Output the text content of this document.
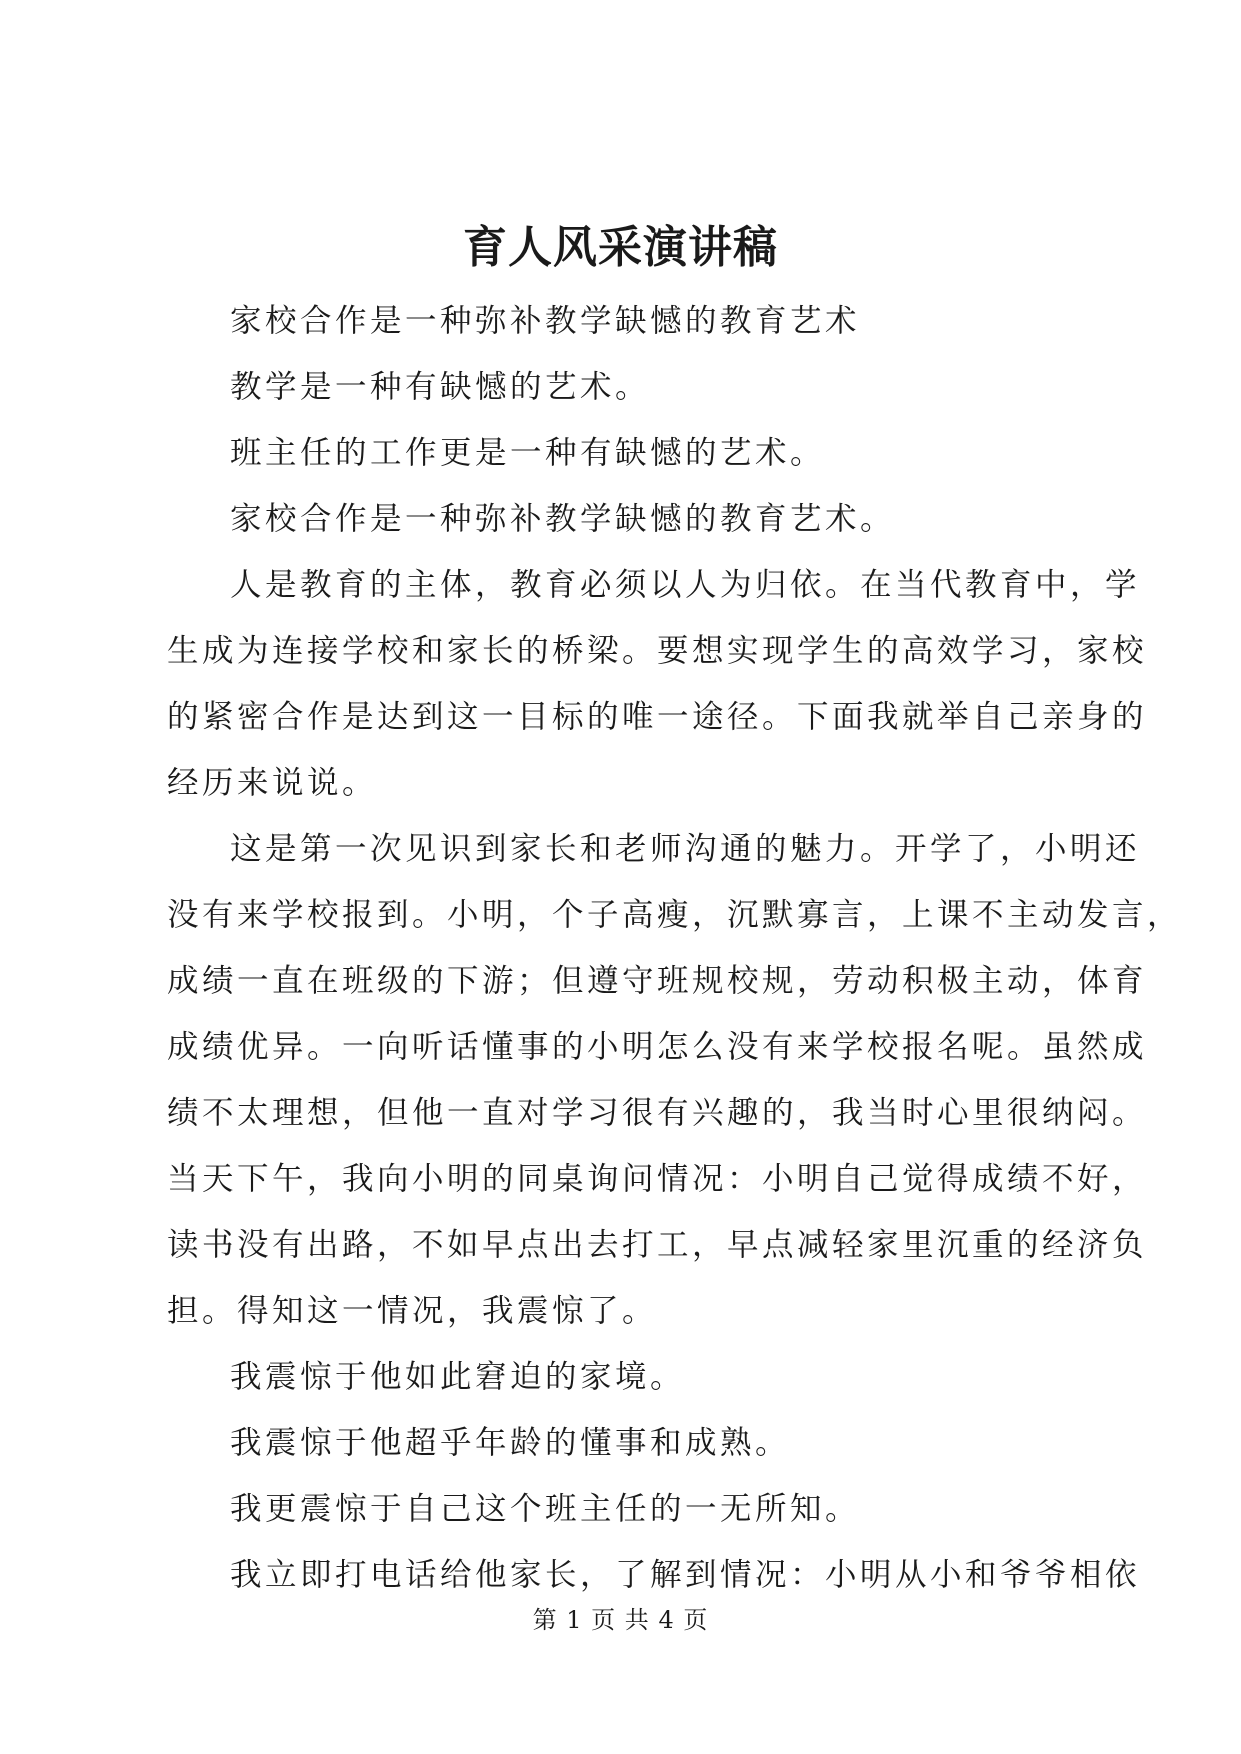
育人风采演讲稿

家校合作是一种弥补教学缺憾的教育艺术

教学是一种有缺憾的艺术。

班主任的工作更是一种有缺憾的艺术。

家校合作是一种弥补教学缺憾的教育艺术。

人是教育的主体，教育必须以人为归依。在当代教育中，学

生成为连接学校和家长的桥梁。要想实现学生的高效学习，家校

的紧密合作是达到这一目标的唯一途径。下面我就举自己亲身的

经历来说说。

这是第一次见识到家长和老师沟通的魅力。开学了，小明还

没有来学校报到。小明，个子高瘦，沉默寡言，上课不主动发言，

成绩一直在班级的下游；但遵守班规校规，劳动积极主动，体育

成绩优异。一向听话懂事的小明怎么没有来学校报名呢。虽然成

绩不太理想，但他一直对学习很有兴趣的，我当时心里很纳闷。

当天下午，我向小明的同桌询问情况：小明自己觉得成绩不好，

读书没有出路，不如早点出去打工，早点减轻家里沉重的经济负

担。得知这一情况，我震惊了。

我震惊于他如此窘迫的家境。

我震惊于他超乎年龄的懂事和成熟。

我更震惊于自己这个班主任的一无所知。

我立即打电话给他家长，了解到情况：小明从小和爷爷相依

第 1 页 共 4 页
